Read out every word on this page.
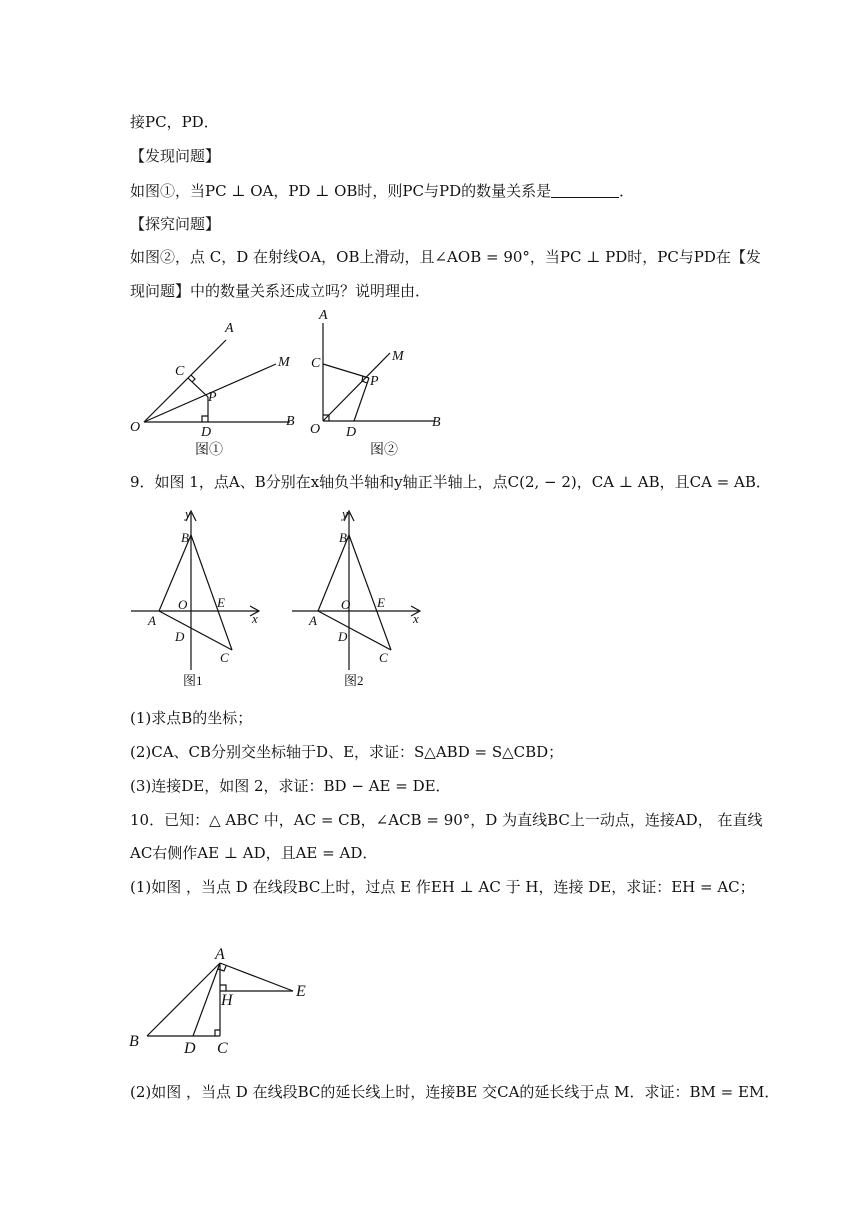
接PC，PD．
【发现问题】
如图①，当PC ⊥ OA，PD ⊥ OB时，则PC与PD的数量关系是	．
【探究问题】
如图②，点 C，D 在射线OA，OB上滑动，且∠AOB = 90°，当PC ⊥ PD时，PC与PD在【发
现问题】中的数量关系还成立吗？说明理由．
A
M
C
P
O	D
B
图①
A
M
C
P
O D
B
图②
9．如图 1，点A、B分别在x轴负半轴和y轴正半轴上，点C(2, − 2)，CA ⊥ AB，且CA = AB．
y
B
O E
x
A
D
C
图1
y
B
O E
x
A
D
C
图2
(1)求点B的坐标；
(2)CA、CB分别交坐标轴于D、E，求证：S△ABD = S△CBD；
(3)连接DE，如图 2，求证：BD − AE = DE．
10．已知：△ ABC 中，AC = CB，∠ACB = 90°，D 为直线BC上一动点，连接AD， 在直线
AC右侧作AE ⊥ AD，且AE = AD．
(1)如图 ，当点 D 在线段BC上时，过点 E 作EH ⊥ AC 于 H，连接 DE，求证：EH = AC；
A
E
H
B	D C
(2)如图 ，当点 D 在线段BC的延长线上时，连接BE 交CA的延长线于点 M．求证：BM = EM．
